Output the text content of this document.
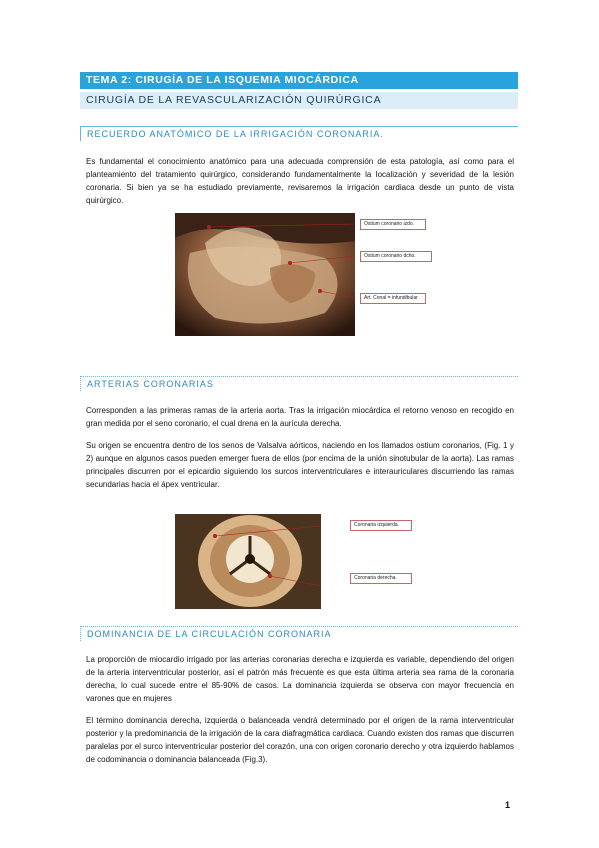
TEMA 2: CIRUGÍA DE LA ISQUEMIA MIOCÁRDICA
CIRUGÍA DE LA REVASCULARIZACIÓN QUIRÚRGICA
RECUERDO ANATÓMICO DE LA IRRIGACIÓN CORONARIA.

Es fundamental el conocimiento anatómico para una adecuada comprensión de esta patología, así como para el planteamiento del tratamiento quirúrgico, considerando fundamentalmente la localización y severidad de la lesión coronaria. Si bien ya se ha estudiado previamente, revisaremos la irrigación cardiaca desde un punto de vista quirúrgico.

Ostium coronario izdo.
Ostium coronario dcho.
Art. Conal = infundibular
ARTERIAS CORONARIAS

Corresponden a las primeras ramas de la arteria aorta. Tras la irrigación miocárdica el retorno venoso en recogido en gran medida por el seno coronario, el cual drena en la aurícula derecha.

Su origen se encuentra dentro de los senos de Valsalva aórticos, naciendo en los llamados ostium coronarios, (Fig. 1 y 2) aunque en algunos casos pueden emerger fuera de ellos (por encima de la unión sinotubular de la aorta). Las ramas principales discurren por el epicardio siguiendo los surcos interventriculares e interauriculares discurriendo las ramas secundarias hacia el ápex ventricular.

Coronaria izquierda.
Coronaria derecha.
DOMINANCIA DE LA CIRCULACIÓN CORONARIA

La proporción de miocardio irrigado por las arterias coronarias derecha e izquierda es variable, dependiendo del origen de la arteria interventricular posterior, así el patrón más frecuente es que esta última arteria sea rama de la coronaria derecha, lo cual sucede entre el 85-90% de casos. La dominancia izquierda se observa con mayor frecuencia en varones que en mujeres

El término dominancia derecha, izquierda o balanceada vendrá determinado por el origen de la rama interventricular posterior y la predominancia de la irrigación de la cara diafragmática cardiaca. Cuando existen dos ramas que discurren paralelas por el surco interventricular posterior del corazón, una con origen coronario derecho y otra izquierdo hablamos de codominancia o dominancia balanceada (Fig.3).

1
